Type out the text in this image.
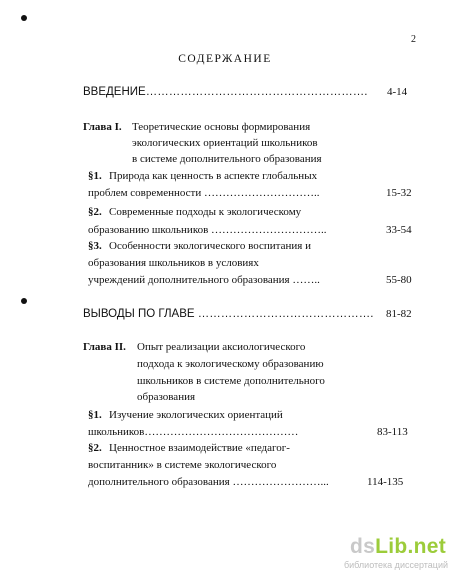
2
СОДЕРЖАНИЕ
ВВЕДЕНИЕ…………………………………………………. 4-14
Глава I. Теоретические основы формирования
экологических ориентаций школьников
в системе дополнительного образования
§1. Природа как ценность в аспекте глобальных
проблем современности …………………………..	15-32
§2. Современные подходы к экологическому
образованию школьников …………………………..	33-54
§3. Особенности экологического воспитания и
образования школьников в условиях
учреждений дополнительного образования ……..	55-80
ВЫВОДЫ ПО ГЛАВЕ ………………………………………. 81-82
Глава II. Опыт реализации аксиологического
подхода к экологическому образованию
школьников в системе дополнительного
образования
§1. Изучение экологических ориентаций
школьников……………………………………	83-113
§2. Ценностное взаимодействие «педагог-
воспитанник» в системе экологического
дополнительного образования ……………………...	114-135
dsLib.net
библиотека диссертаций
